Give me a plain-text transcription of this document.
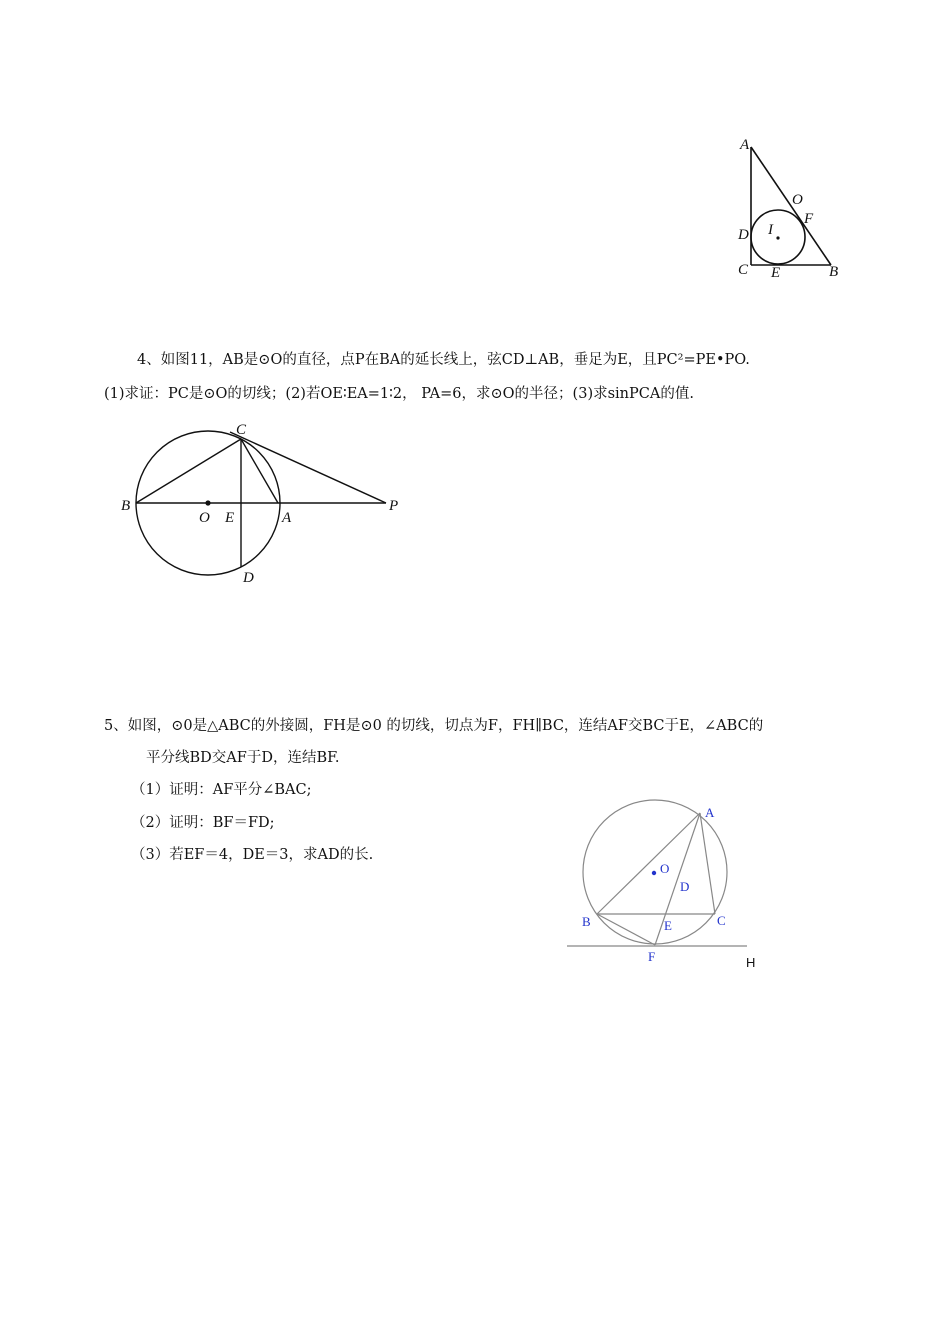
A
O
F
I
D
C E	B
4、如图11，AB是⊙O的直径，点P在BA的延长线上，弦CD⊥AB，垂足为E，且PC²=PE•PO.
(1)求证：PC是⊙O的切线；(2)若OE∶EA=1∶2， PA=6，求⊙O的半径；(3)求sinPCA的值.
C
B
O E	A
P
D
5、如图，⊙0是△ABC的外接圆，FH是⊙0 的切线，切点为F，FH∥BC，连结AF交BC于E，∠ABC的
平分线BD交AF于D，连结BF.
（1）证明：AF平分∠BAC;
（2）证明：BF＝FD;
（3）若EF＝4，DE＝3，求AD的长.
A
O
D
B	E	C
F	H
